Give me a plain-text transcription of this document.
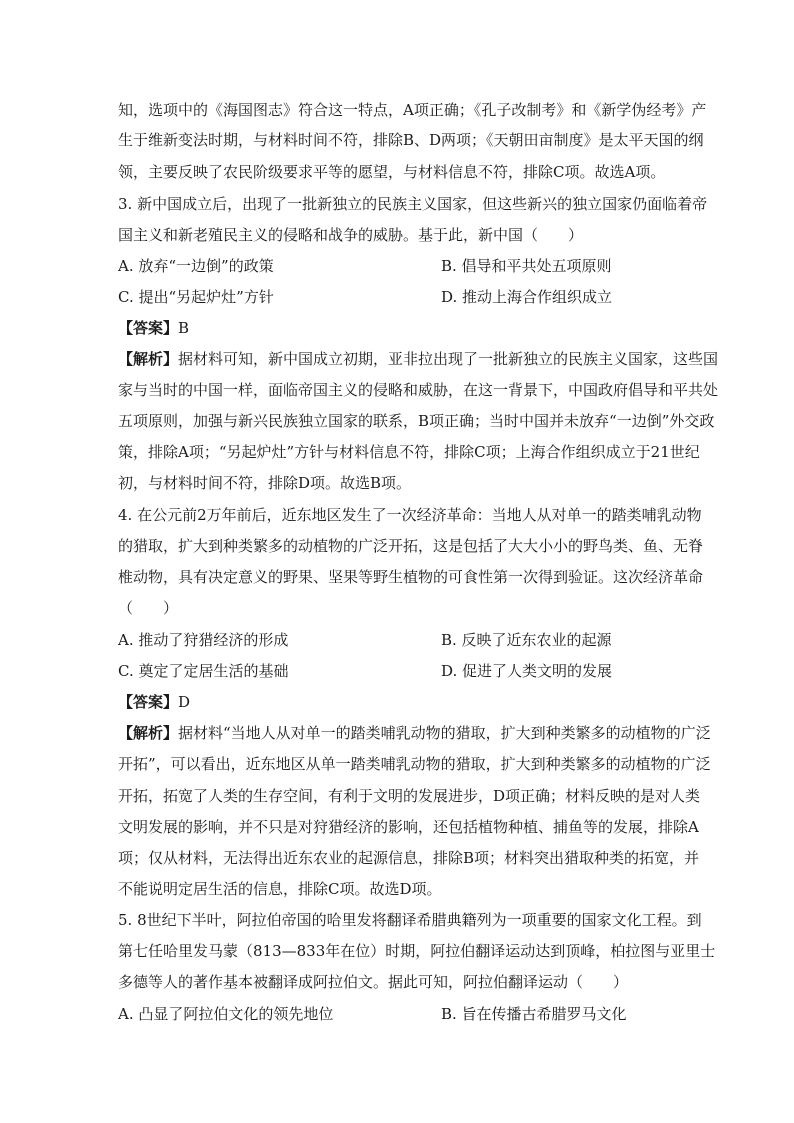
知，选项中的《海国图志》符合这一特点，A项正确；《孔子改制考》和《新学伪经考》产
生于维新变法时期，与材料时间不符，排除B、D两项；《天朝田亩制度》是太平天国的纲
领，主要反映了农民阶级要求平等的愿望，与材料信息不符，排除C项。故选A项。
3. 新中国成立后，出现了一批新独立的民族主义国家，但这些新兴的独立国家仍面临着帝
国主义和新老殖民主义的侵略和战争的威胁。基于此，新中国（　　）
A. 放弃“一边倒”的政策	B. 倡导和平共处五项原则
C. 提出“另起炉灶”方针	D. 推动上海合作组织成立
【答案】B
【解析】据材料可知，新中国成立初期，亚非拉出现了一批新独立的民族主义国家，这些国
家与当时的中国一样，面临帝国主义的侵略和威胁，在这一背景下，中国政府倡导和平共处
五项原则，加强与新兴民族独立国家的联系，B项正确；当时中国并未放弃“一边倒”外交政
策，排除A项；“另起炉灶”方针与材料信息不符，排除C项；上海合作组织成立于21世纪
初，与材料时间不符，排除D项。故选B项。
4. 在公元前2万年前后，近东地区发生了一次经济革命：当地人从对单一的踏类哺乳动物
的猎取，扩大到种类繁多的动植物的广泛开拓，这是包括了大大小小的野鸟类、鱼、无脊
椎动物，具有决定意义的野果、坚果等野生植物的可食性第一次得到验证。这次经济革命
（　　）
A. 推动了狩猎经济的形成	B. 反映了近东农业的起源
C. 奠定了定居生活的基础	D. 促进了人类文明的发展
【答案】D
【解析】据材料“当地人从对单一的踏类哺乳动物的猎取，扩大到种类繁多的动植物的广泛
开拓”，可以看出，近东地区从单一踏类哺乳动物的猎取，扩大到种类繁多的动植物的广泛
开拓，拓宽了人类的生存空间，有利于文明的发展进步，D项正确；材料反映的是对人类
文明发展的影响，并不只是对狩猎经济的影响，还包括植物种植、捕鱼等的发展，排除A
项；仅从材料，无法得出近东农业的起源信息，排除B项；材料突出猎取种类的拓宽，并
不能说明定居生活的信息，排除C项。故选D项。
5. 8世纪下半叶，阿拉伯帝国的哈里发将翻译希腊典籍列为一项重要的国家文化工程。到
第七任哈里发马蒙（813—833年在位）时期，阿拉伯翻译运动达到顶峰，柏拉图与亚里士
多德等人的著作基本被翻译成阿拉伯文。据此可知，阿拉伯翻译运动（　　）
A. 凸显了阿拉伯文化的领先地位	B. 旨在传播古希腊罗马文化
